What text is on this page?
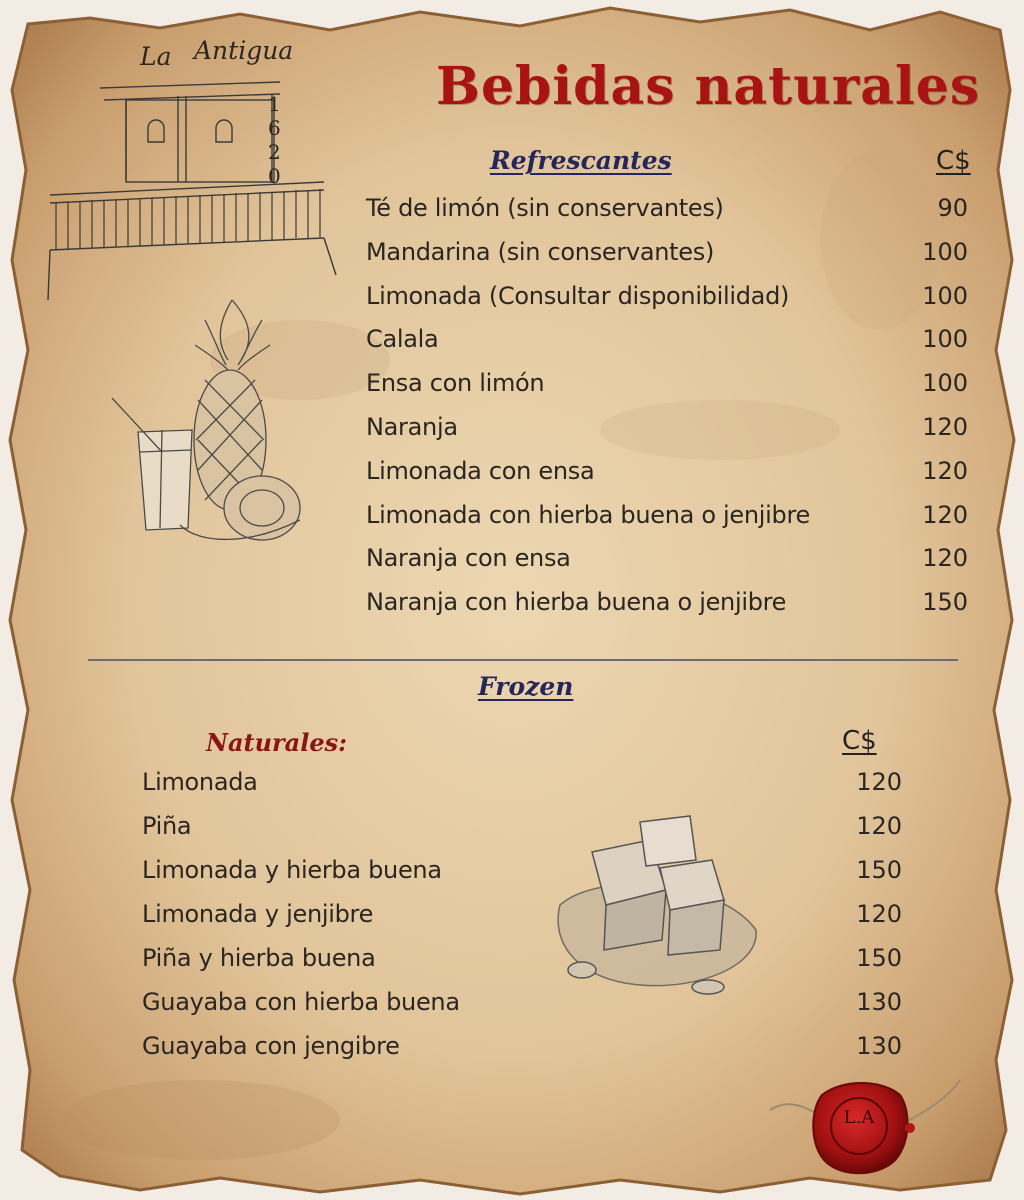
La Antigua
1620
Bebidas naturales
Refrescantes	C$
Té de limón (sin conservantes)	90
Mandarina (sin conservantes)	100
Limonada (Consultar disponibilidad)	100
Calala	100
Ensa con limón	100
Naranja	120
Limonada con ensa	120
Limonada con hierba buena o jenjibre	120
Naranja con ensa	120
Naranja con hierba buena o jenjibre	150
Frozen
Naturales:	C$
Limonada	120
Piña	120
Limonada y hierba buena	150
Limonada y jenjibre	120
Piña y hierba buena	150
Guayaba con hierba buena	130
Guayaba con jengibre	130
L.A
